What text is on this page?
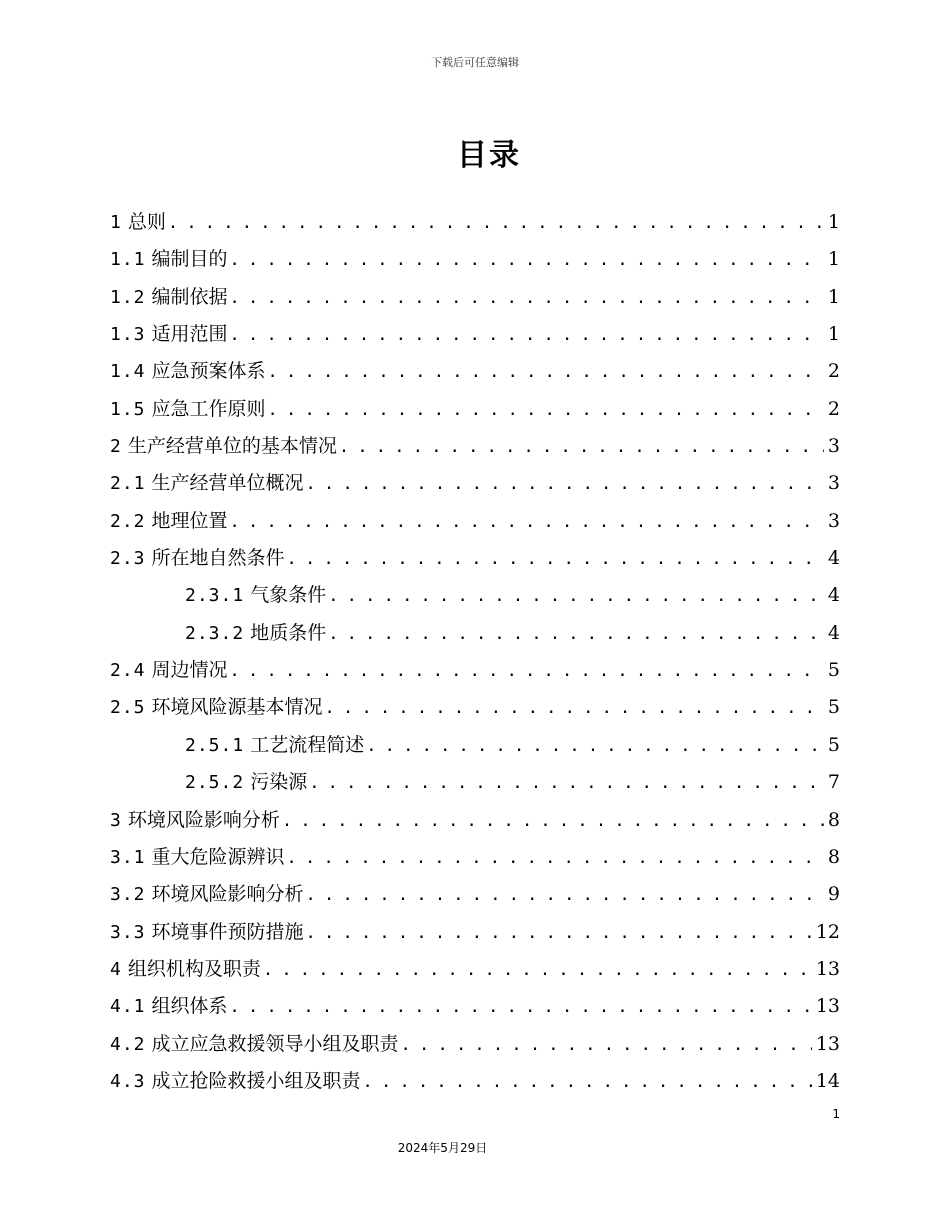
下载后可任意编辑
目录
1 总则 . . .	1
1.1 编制目的 . . .	1
1.2 编制依据 . . .	1
1.3 适用范围 . . .	1
1.4 应急预案体系 . . .	2
1.5 应急工作原则 . . .	2
2 生产经营单位的基本情况 . . .	3
2.1 生产经营单位概况 . . .	3
2.2 地理位置 . . .	3
2.3 所在地自然条件 . . .	4
2.3.1 气象条件 . . .	4
2.3.2 地质条件 . . .	4
2.4 周边情况 . . .	5
2.5 环境风险源基本情况 . . .	5
2.5.1 工艺流程简述 . . .	5
2.5.2 污染源 . . .	7
3 环境风险影响分析 . . .	8
3.1 重大危险源辨识 . . .	8
3.2 环境风险影响分析 . . .	9
3.3 环境事件预防措施 . . .	12
4 组织机构及职责 . . .	13
4.1 组织体系 . . .	13
4.2 成立应急救援领导小组及职责 . . .	13
4.3 成立抢险救援小组及职责 . . .	14
1
2024年5月29日
